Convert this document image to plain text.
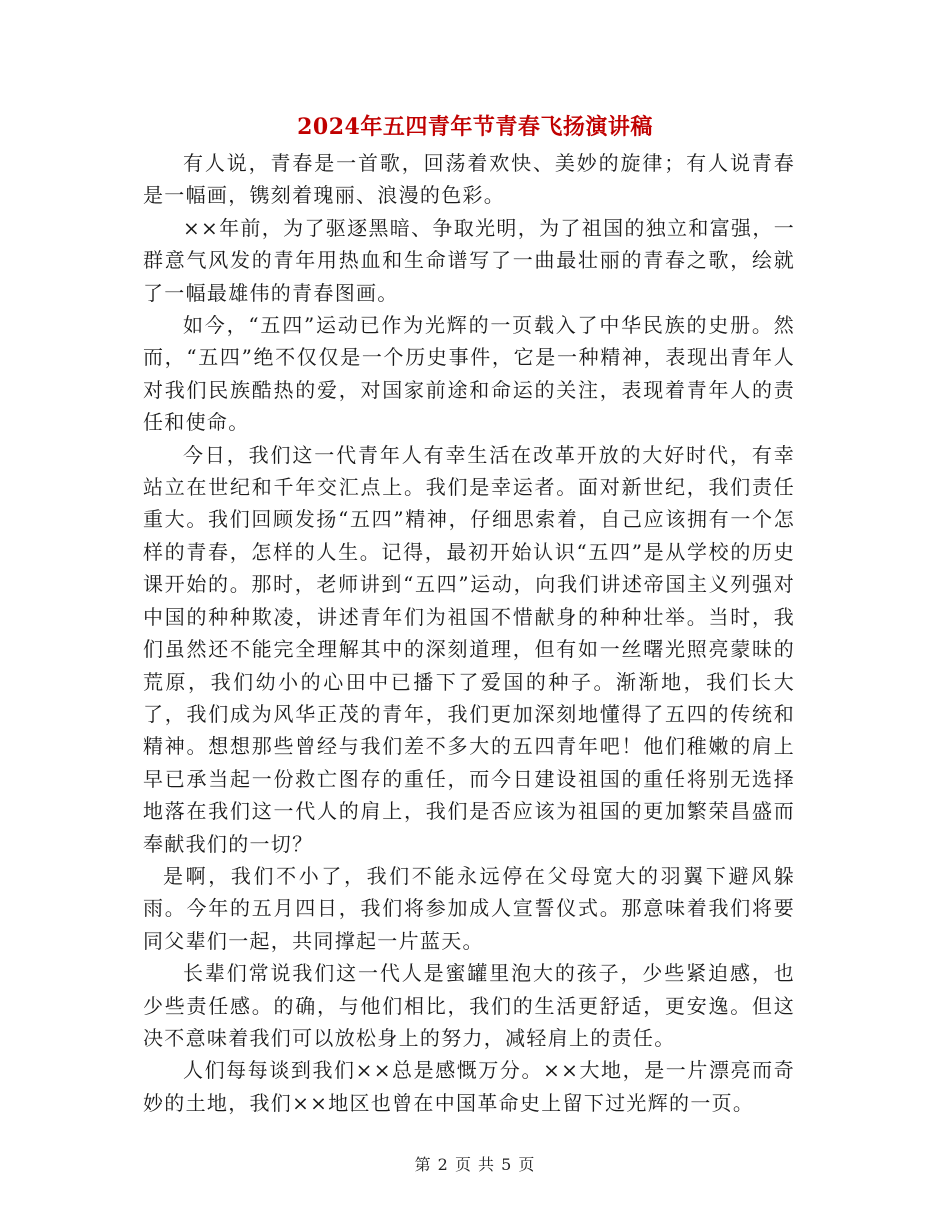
2024年五四青年节青春飞扬演讲稿

有人说，青春是一首歌，回荡着欢快、美妙的旋律；有人说青春是一幅画，镌刻着瑰丽、浪漫的色彩。

××年前，为了驱逐黑暗、争取光明，为了祖国的独立和富强，一群意气风发的青年用热血和生命谱写了一曲最壮丽的青春之歌，绘就了一幅最雄伟的青春图画。

如今，“五四”运动已作为光辉的一页载入了中华民族的史册。然而，“五四”绝不仅仅是一个历史事件，它是一种精神，表现出青年人对我们民族酷热的爱，对国家前途和命运的关注，表现着青年人的责任和使命。

今日，我们这一代青年人有幸生活在改革开放的大好时代，有幸站立在世纪和千年交汇点上。我们是幸运者。面对新世纪，我们责任重大。我们回顾发扬“五四”精神，仔细思索着，自己应该拥有一个怎样的青春，怎样的人生。记得，最初开始认识“五四”是从学校的历史课开始的。那时，老师讲到“五四”运动，向我们讲述帝国主义列强对中国的种种欺凌，讲述青年们为祖国不惜献身的种种壮举。当时，我们虽然还不能完全理解其中的深刻道理，但有如一丝曙光照亮蒙昧的荒原，我们幼小的心田中已播下了爱国的种子。渐渐地，我们长大了，我们成为风华正茂的青年，我们更加深刻地懂得了五四的传统和精神。想想那些曾经与我们差不多大的五四青年吧！他们稚嫩的肩上早已承当起一份救亡图存的重任，而今日建设祖国的重任将别无选择地落在我们这一代人的肩上，我们是否应该为祖国的更加繁荣昌盛而奉献我们的一切？

是啊，我们不小了，我们不能永远停在父母宽大的羽翼下避风躲雨。今年的五月四日，我们将参加成人宣誓仪式。那意味着我们将要同父辈们一起，共同撑起一片蓝天。

长辈们常说我们这一代人是蜜罐里泡大的孩子，少些紧迫感，也少些责任感。的确，与他们相比，我们的生活更舒适，更安逸。但这决不意味着我们可以放松身上的努力，减轻肩上的责任。

人们每每谈到我们××总是感慨万分。××大地，是一片漂亮而奇妙的土地，我们××地区也曾在中国革命史上留下过光辉的一页。

第 2 页 共 5 页
